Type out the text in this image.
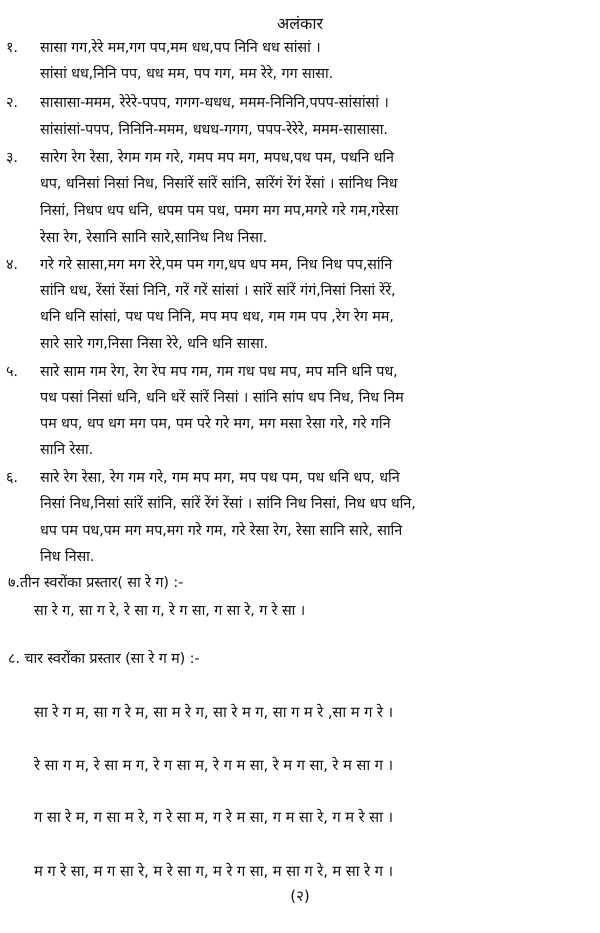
अलंकार
१. सासा गग,रेरे मम,गग पप,मम धध,पप निनि धध सांसां ।
सांसां धध,निनि पप, धध मम, पप गग, मम रेरे, गग सासा.
२. सासासा-ममम, रेरेरे-पपप, गगग-धधध, ममम-निनिनि,पपप-सांसांसां ।
सांसांसां-पपप, निनिनि-ममम, धधध-गगग, पपप-रेरेरे, ममम-सासासा.
३. सारेग रेग रेसा, रेगम गम गरे, गमप मप मग, मपध,पध पम, पधनि धनि
धप, धनिसां निसां निध, निसांरें सांरें सांनि, सांरेंगं रेंगं रेंसां । सांनिध निध
निसां, निधप धप धनि, धपम पम पध, पमग मग मप,मगरे गरे गम,गरेसा
रेसा रेग, रेसानि सानि सारे,सानिध निध निसा.
४. गरे गरे सासा,मग मग रेरे,पम पम गग,धप धप मम, निध निध पप,सांनि
सांनि धध, रेंसां रेंसां निनि, गरें गरें सांसां । सांरें सांरें गंगं,निसां निसां रेंरें,
धनि धनि सांसां, पध पध निनि, मप मप धध, गम गम पप ,रेग रेग मम,
सारे सारे गग,निसा निसा रेरे, धनि धनि सासा.
५. सारे साम गम रेग, रेग रेप मप गम, गम गध पध मप, मप मनि धनि पध,
पध पसां निसां धनि, धनि धरें सांरें निसां । सांनि सांप धप निध, निध निम
पम धप, धप धग मग पम, पम परे गरे मग, मग मसा रेसा गरे, गरे गनि
सानि रेसा.
६. सारे रेग रेसा, रेग गम गरे, गम मप मग, मप पध पम, पध धनि धप, धनि
निसां निध,निसां सांरें सांनि, सांरें रेंगं रेंसां । सांनि निध निसां, निध धप धनि,
धप पम पध,पम मग मप,मग गरे गम, गरे रेसा रेग, रेसा सानि सारे, सानि
निध निसा.
७.तीन स्वरोंका प्रस्तार( सा रे ग) :-
सा रे ग, सा ग रे, रे सा ग, रे ग सा, ग सा रे, ग रे सा ।
८. चार स्वरोंका प्रस्तार (सा रे ग म) :-
सा रे ग म, सा ग रे म, सा म रे ग, सा रे म ग, सा ग म रे ,सा म ग रे ।
रे सा ग म, रे सा म ग, रे ग सा म, रे ग म सा, रे म ग सा, रे म सा ग ।
ग सा रे म, ग सा म रे, ग रे सा म, ग रे म सा, ग म सा रे, ग म रे सा ।
म ग रे सा, म ग सा रे, म रे सा ग, म रे ग सा, म सा ग रे, म सा रे ग ।
(२)
